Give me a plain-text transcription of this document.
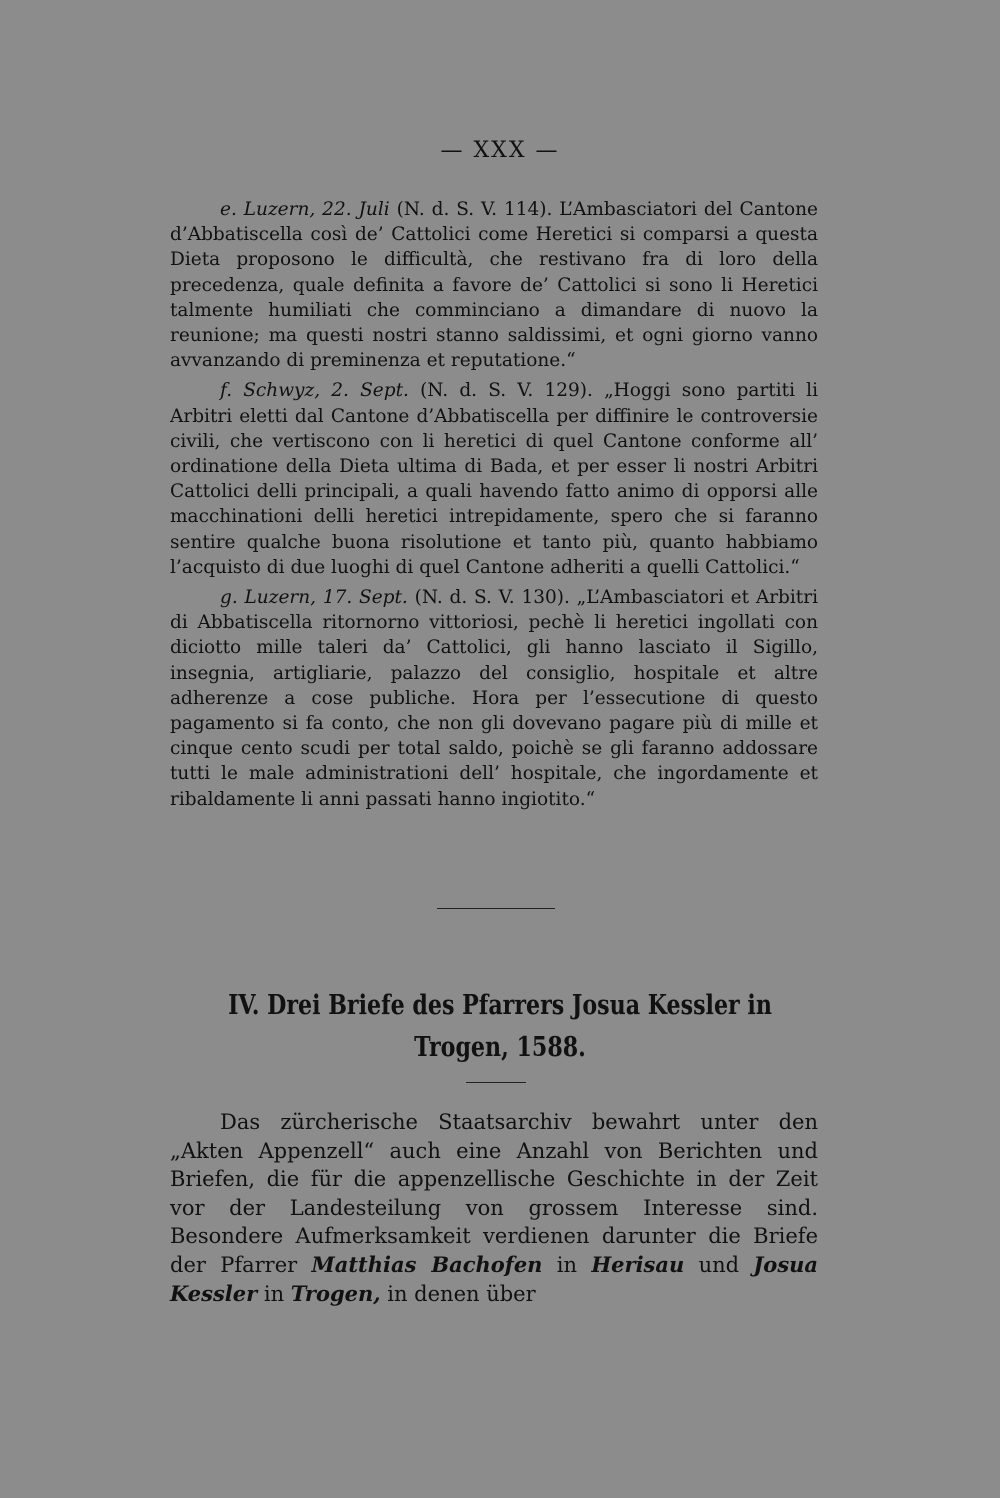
— XXX —

e. Luzern, 22. Juli (N. d. S. V. 114). L’Ambasciatori del Cantone d’Abbatiscella così de’ Cattolici come Heretici si comparsi a questa Dieta proposono le difficultà, che restivano fra di loro della precedenza, quale definita a favore de’ Cattolici si sono li Heretici talmente humiliati che comminciano a dimandare di nuovo la reunione; ma questi nostri stanno saldissimi, et ogni giorno vanno avvanzando di preminenza et reputatione.“

f. Schwyz, 2. Sept. (N. d. S. V. 129). „Hoggi sono partiti li Arbitri eletti dal Cantone d’Abbatiscella per diffinire le controversie civili, che vertiscono con li heretici di quel Cantone conforme all’ ordinatione della Dieta ultima di Bada, et per esser li nostri Arbitri Cattolici delli principali, a quali havendo fatto animo di opporsi alle macchinationi delli heretici intrepidamente, spero che si faranno sentire qualche buona risolutione et tanto più, quanto habbiamo l’acquisto di due luoghi di quel Cantone adheriti a quelli Cattolici.“

g. Luzern, 17. Sept. (N. d. S. V. 130). „L’Ambasciatori et Arbitri di Abbatiscella ritornorno vittoriosi, pechè li heretici ingollati con diciotto mille taleri da’ Cattolici, gli hanno lasciato il Sigillo, insegnia, artigliarie, palazzo del consiglio, hospitale et altre adherenze a cose publiche. Hora per l’essecutione di questo pagamento si fa conto, che non gli dovevano pagare più di mille et cinque cento scudi per total saldo, poichè se gli faranno addossare tutti le male administrationi dell’ hospitale, che ingordamente et ribaldamente li anni passati hanno ingiotito.“

IV. Drei Briefe des Pfarrers Josua Kessler in
Trogen, 1588.

Das zürcherische Staatsarchiv bewahrt unter den „Akten Appenzell“ auch eine Anzahl von Berichten und Briefen, die für die appenzellische Geschichte in der Zeit vor der Landesteilung von grossem Interesse sind. Besondere Aufmerksamkeit verdienen darunter die Briefe der Pfarrer Matthias Bachofen in Herisau und Josua Kessler in Trogen, in denen über
